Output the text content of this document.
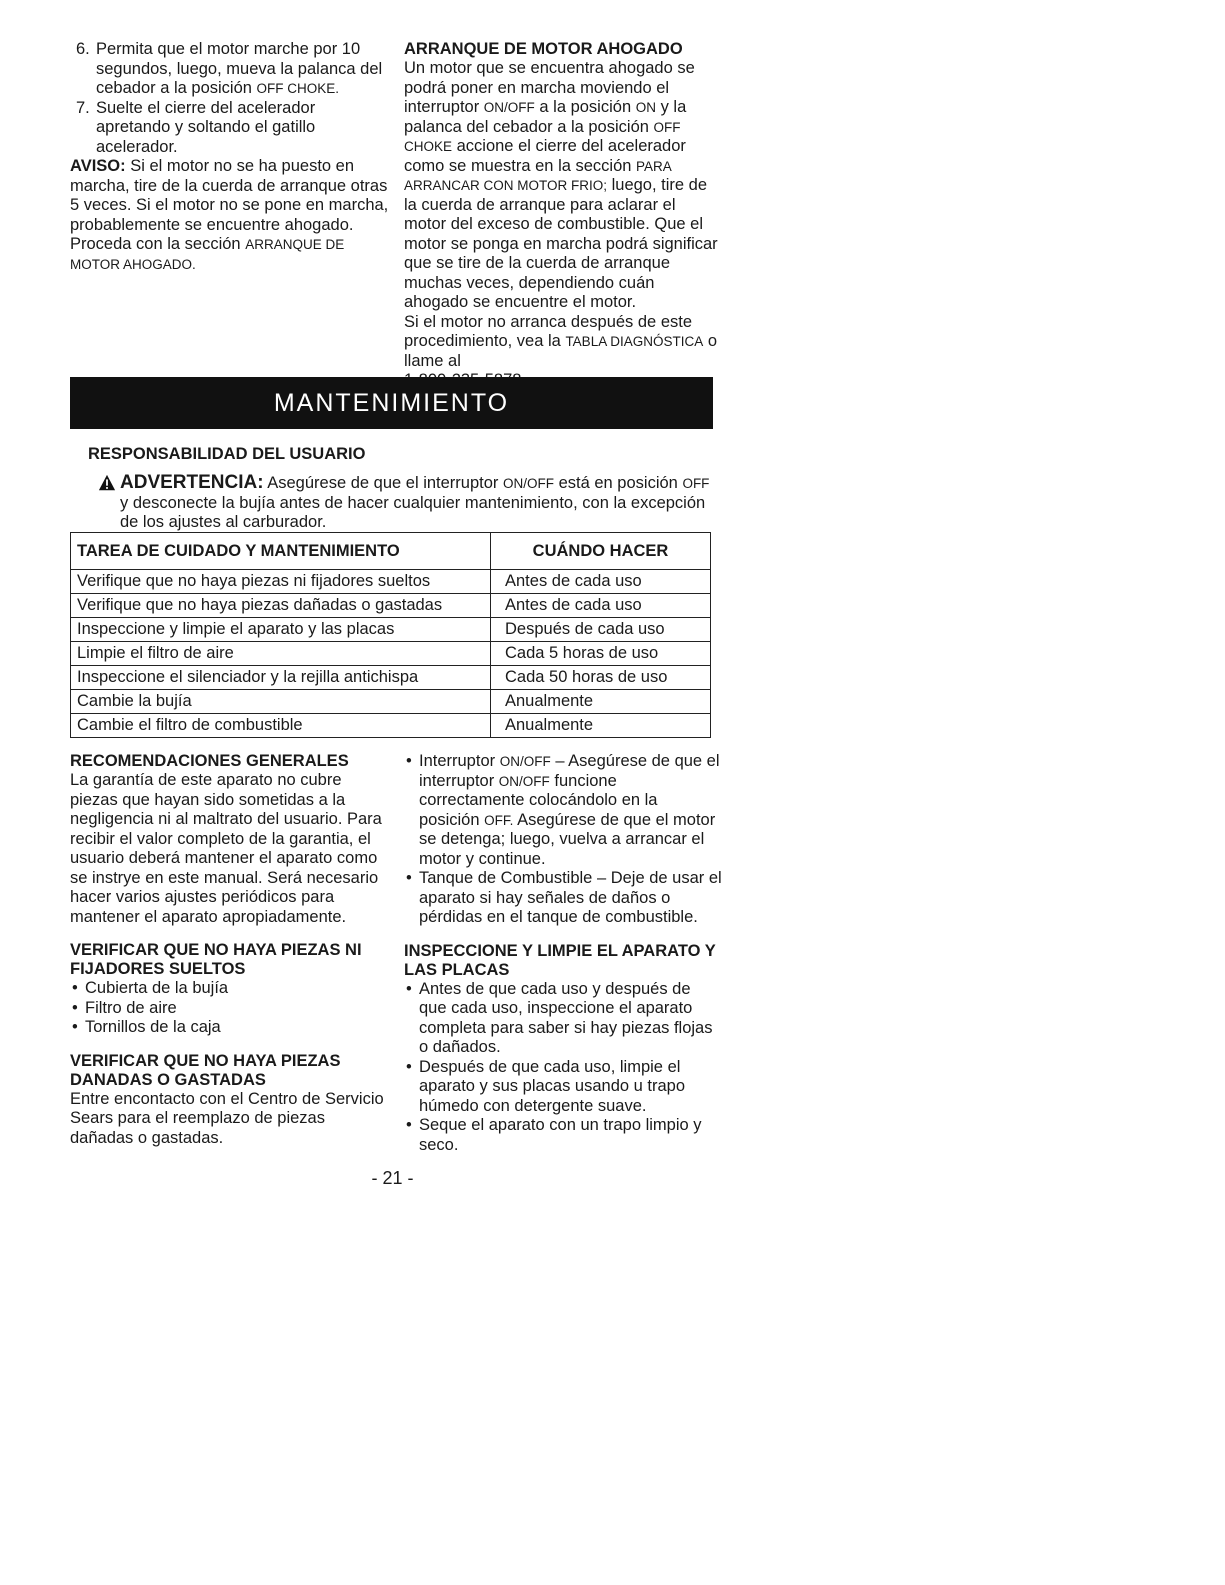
6. Permita que el motor marche por 10 segundos, luego, mueva la palanca del cebador a la posición OFF CHOKE.
7. Suelte el cierre del acelerador apretando y soltando el gatillo acelerador.

AVISO: Si el motor no se ha puesto en marcha, tire de la cuerda de arranque otras 5 veces. Si el motor no se pone en marcha, probablemente se encuentre ahogado. Proceda con la sección ARRANQUE DE MOTOR AHOGADO.

ARRANQUE DE MOTOR AHOGADO

Un motor que se encuentra ahogado se podrá poner en marcha moviendo el interruptor ON/OFF a la posición ON y la palanca del cebador a la posición OFF CHOKE accione el cierre del acelerador como se muestra en la sección PARA ARRANCAR CON MOTOR FRIO; luego, tire de la cuerda de arranque para aclarar el motor del exceso de combustible. Que el motor se ponga en marcha podrá significar que se tire de la cuerda de arranque muchas veces, dependiendo cuán ahogado se encuentre el motor.

Si el motor no arranca después de este procedimiento, vea la TABLA DIAGNÓSTICA o llame al

MANTENIMIENTO
RESPONSABILIDAD DEL USUARIO
ADVERTENCIA: Asegúrese de que el interruptor ON/OFF está en posición OFF y desconecte la bujía antes de hacer cualquier mantenimiento, con la excepción de los ajustes al carburador.
TAREA DE CUIDADO Y MANTENIMIENTO	CUÁNDO HACER
Verifique que no haya piezas ni fijadores sueltos	Antes de cada uso
Verifique que no haya piezas dañadas o gastadas	Antes de cada uso
Inspeccione y limpie el aparato y las placas	Después de cada uso
Limpie el filtro de aire	Cada 5 horas de uso
Inspeccione el silenciador y la rejilla antichispa	Cada 50 horas de uso
Cambie la bujía	Anualmente
Cambie el filtro de combustible	Anualmente
RECOMENDACIONES GENERALES

La garantía de este aparato no cubre piezas que hayan sido sometidas a la negligencia ni al maltrato del usuario. Para recibir el valor completo de la garantia, el usuario deberá mantener el aparato como se instrye en este manual. Será necesario hacer varios ajustes periódicos para mantener el aparato apropiadamente.

VERIFICAR QUE NO HAYA PIEZAS NI FIJADORES SUELTOS
• Cubierta de la bujía
• Filtro de aire
• Tornillos de la caja
VERIFICAR QUE NO HAYA PIEZAS DANADAS O GASTADAS

Entre encontacto con el Centro de Servicio Sears para el reemplazo de piezas dañadas o gastadas.

• Interruptor ON/OFF – Asegúrese de que el interruptor ON/OFF funcione correctamente colocándolo en la posición OFF. Asegúrese de que el motor se detenga; luego, vuelva a arrancar el motor y continue.
• Tanque de Combustible – Deje de usar el aparato si hay señales de daños o pérdidas en el tanque de combustible.
INSPECCIONE Y LIMPIE EL APARATO Y LAS PLACAS
• Antes de que cada uso y después de que cada uso, inspeccione el aparato completa para saber si hay piezas flojas o dañados.
• Después de que cada uso, limpie el aparato y sus placas usando u trapo húmedo con detergente suave.
• Seque el aparato con un trapo limpio y seco.
- 21 -
